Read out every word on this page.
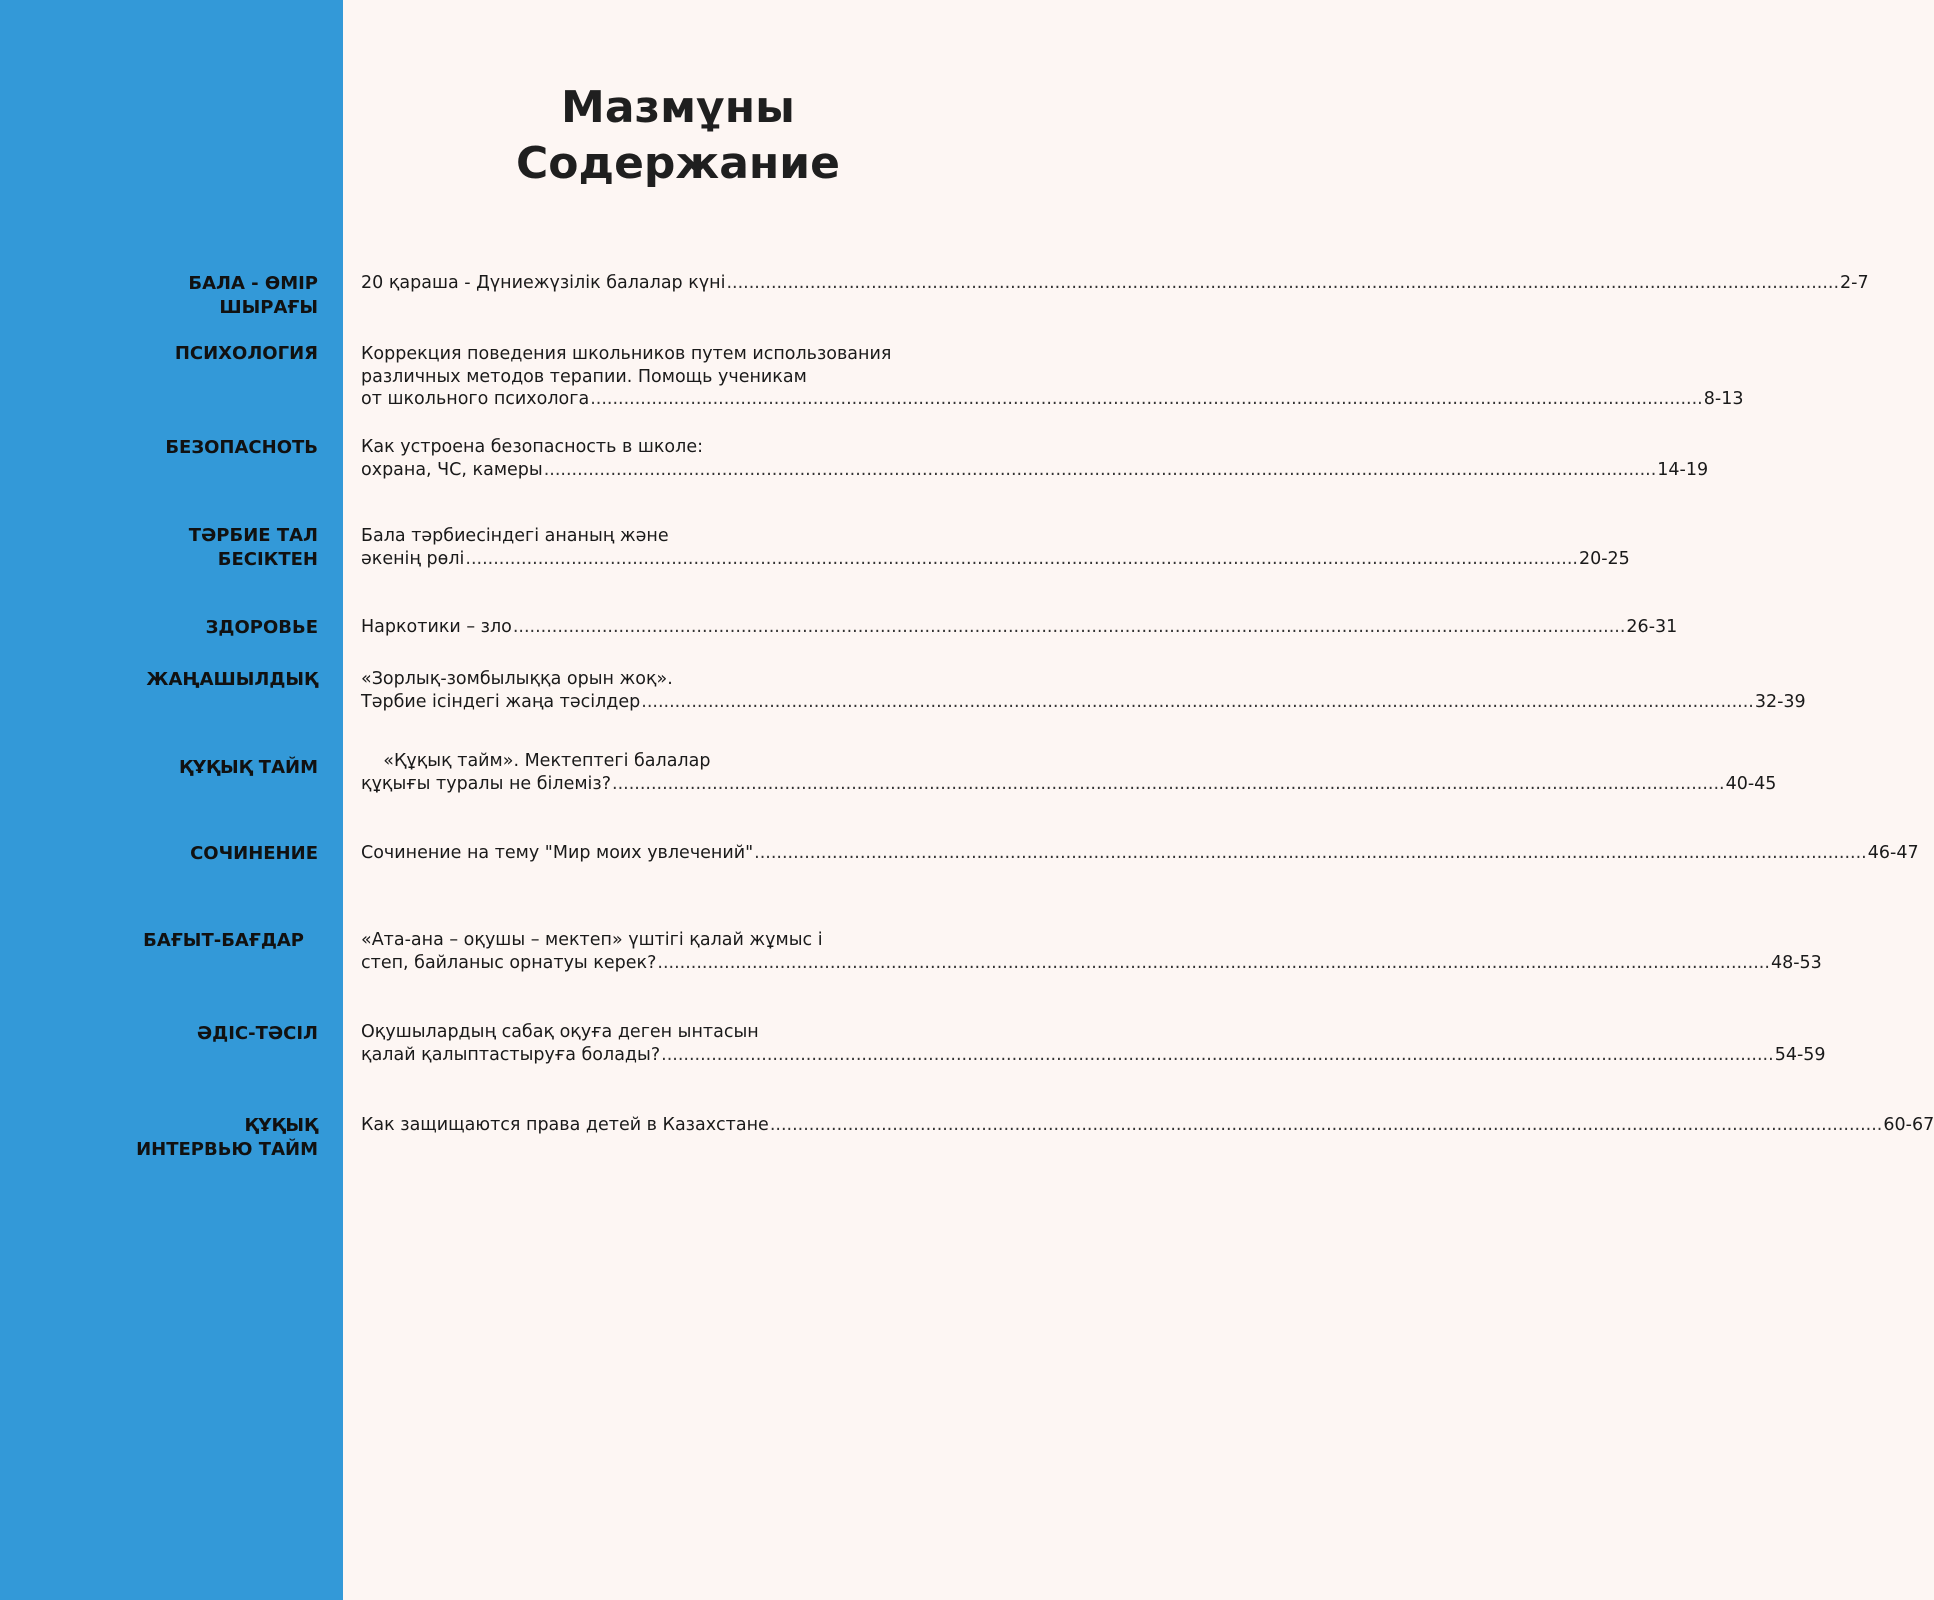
Мазмұны
Содержание
БАЛА - ӨМІР
ШЫРАҒЫ
20 қараша - Дүниежүзілік балалар күні ........................................................................................................................................................................................................ 2-7
ПСИХОЛОГИЯ Коррекция поведения школьников путем использования
различных методов терапии. Помощь ученикам
от школьного психолога ........................................................................................................................................................................................................ 8-13
БЕЗОПАСНОТЬ Как устроена безопасность в школе:
охрана, ЧС, камеры ........................................................................................................................................................................................................ 14-19
ТӘРБИЕ ТАЛ
БЕСІКТЕН
Бала тәрбиесіндегі ананың және
әкенің рөлі ........................................................................................................................................................................................................ 20-25
ЗДОРОВЬЕ Наркотики – зло ........................................................................................................................................................................................................ 26-31
ЖАҢАШЫЛДЫҚ «Зорлық-зомбылыққа орын жоқ».
Тәрбие ісіндегі жаңа тәсілдер ........................................................................................................................................................................................................ 32-39
ҚҰҚЫҚ ТАЙМ «Құқық тайм». Мектептегі балалар
құқығы туралы не білеміз? ........................................................................................................................................................................................................ 40-45
СОЧИНЕНИЕ Сочинение на тему "Мир моих увлечений" ........................................................................................................................................................................................................ 46-47
БАҒЫТ-БАҒДАР	«Ата-ана – оқушы – мектеп» үштігі қалай жұмыс і
степ, байланыс орнатуы керек? ........................................................................................................................................................................................................ 48-53
ӘДІС-ТӘСІЛ Оқушылардың сабақ оқуға деген ынтасын
қалай қалыптастыруға болады? ........................................................................................................................................................................................................ 54-59
ҚҰҚЫҚ
ИНТЕРВЬЮ ТАЙМ
Как защищаются права детей в Казахстане ........................................................................................................................................................................................................ 60-67
